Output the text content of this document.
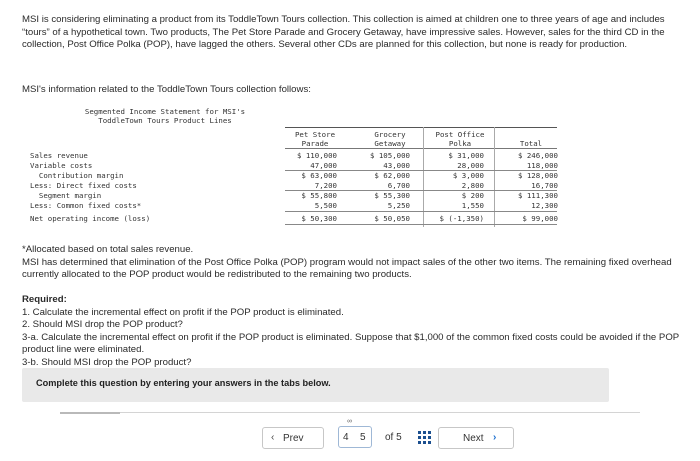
MSI is considering eliminating a product from its ToddleTown Tours collection. This collection is aimed at children one to three years of age and includes “tours” of a hypothetical town. Two products, The Pet Store Parade and Grocery Getaway, have impressive sales. However, sales for the third CD in the collection, Post Office Polka (POP), have lagged the others. Several other CDs are planned for this collection, but none is ready for production.
MSI's information related to the ToddleTown Tours collection follows:
Segmented Income Statement for MSI's
ToddleTown Tours Product Lines
Pet Store
Parade
Grocery
Getaway
Post Office
Polka	Total
Sales revenue
Variable costs
Contribution margin
Less: Direct fixed costs
Segment margin
Less: Common fixed costs*
Net operating income (loss)
$ 110,000
47,000
$ 63,000
7,200
$ 55,800
5,500
$ 50,300
$ 105,000
43,000
$ 62,000
6,700
$ 55,300
5,250
$ 50,050
$ 31,000
28,000
$ 3,000
2,800
$ 200
1,550
$ (-1,350)
$ 246,000
118,000
$ 128,000
16,700
$ 111,300
12,300
$ 99,000
*Allocated based on total sales revenue.
MSI has determined that elimination of the Post Office Polka (POP) program would not impact sales of the other two items. The remaining fixed overhead currently allocated to the POP product would be redistributed to the remaining two products.
Required:
1. Calculate the incremental effect on profit if the POP product is eliminated.
2. Should MSI drop the POP product?
3-a. Calculate the incremental effect on profit if the POP product is eliminated. Suppose that $1,000 of the common fixed costs could be avoided if the POP product line were eliminated.
3-b. Should MSI drop the POP product?
Complete this question by entering your answers in the tabs below.
‹ Prev	Next ›
∞
4 5 of 5
